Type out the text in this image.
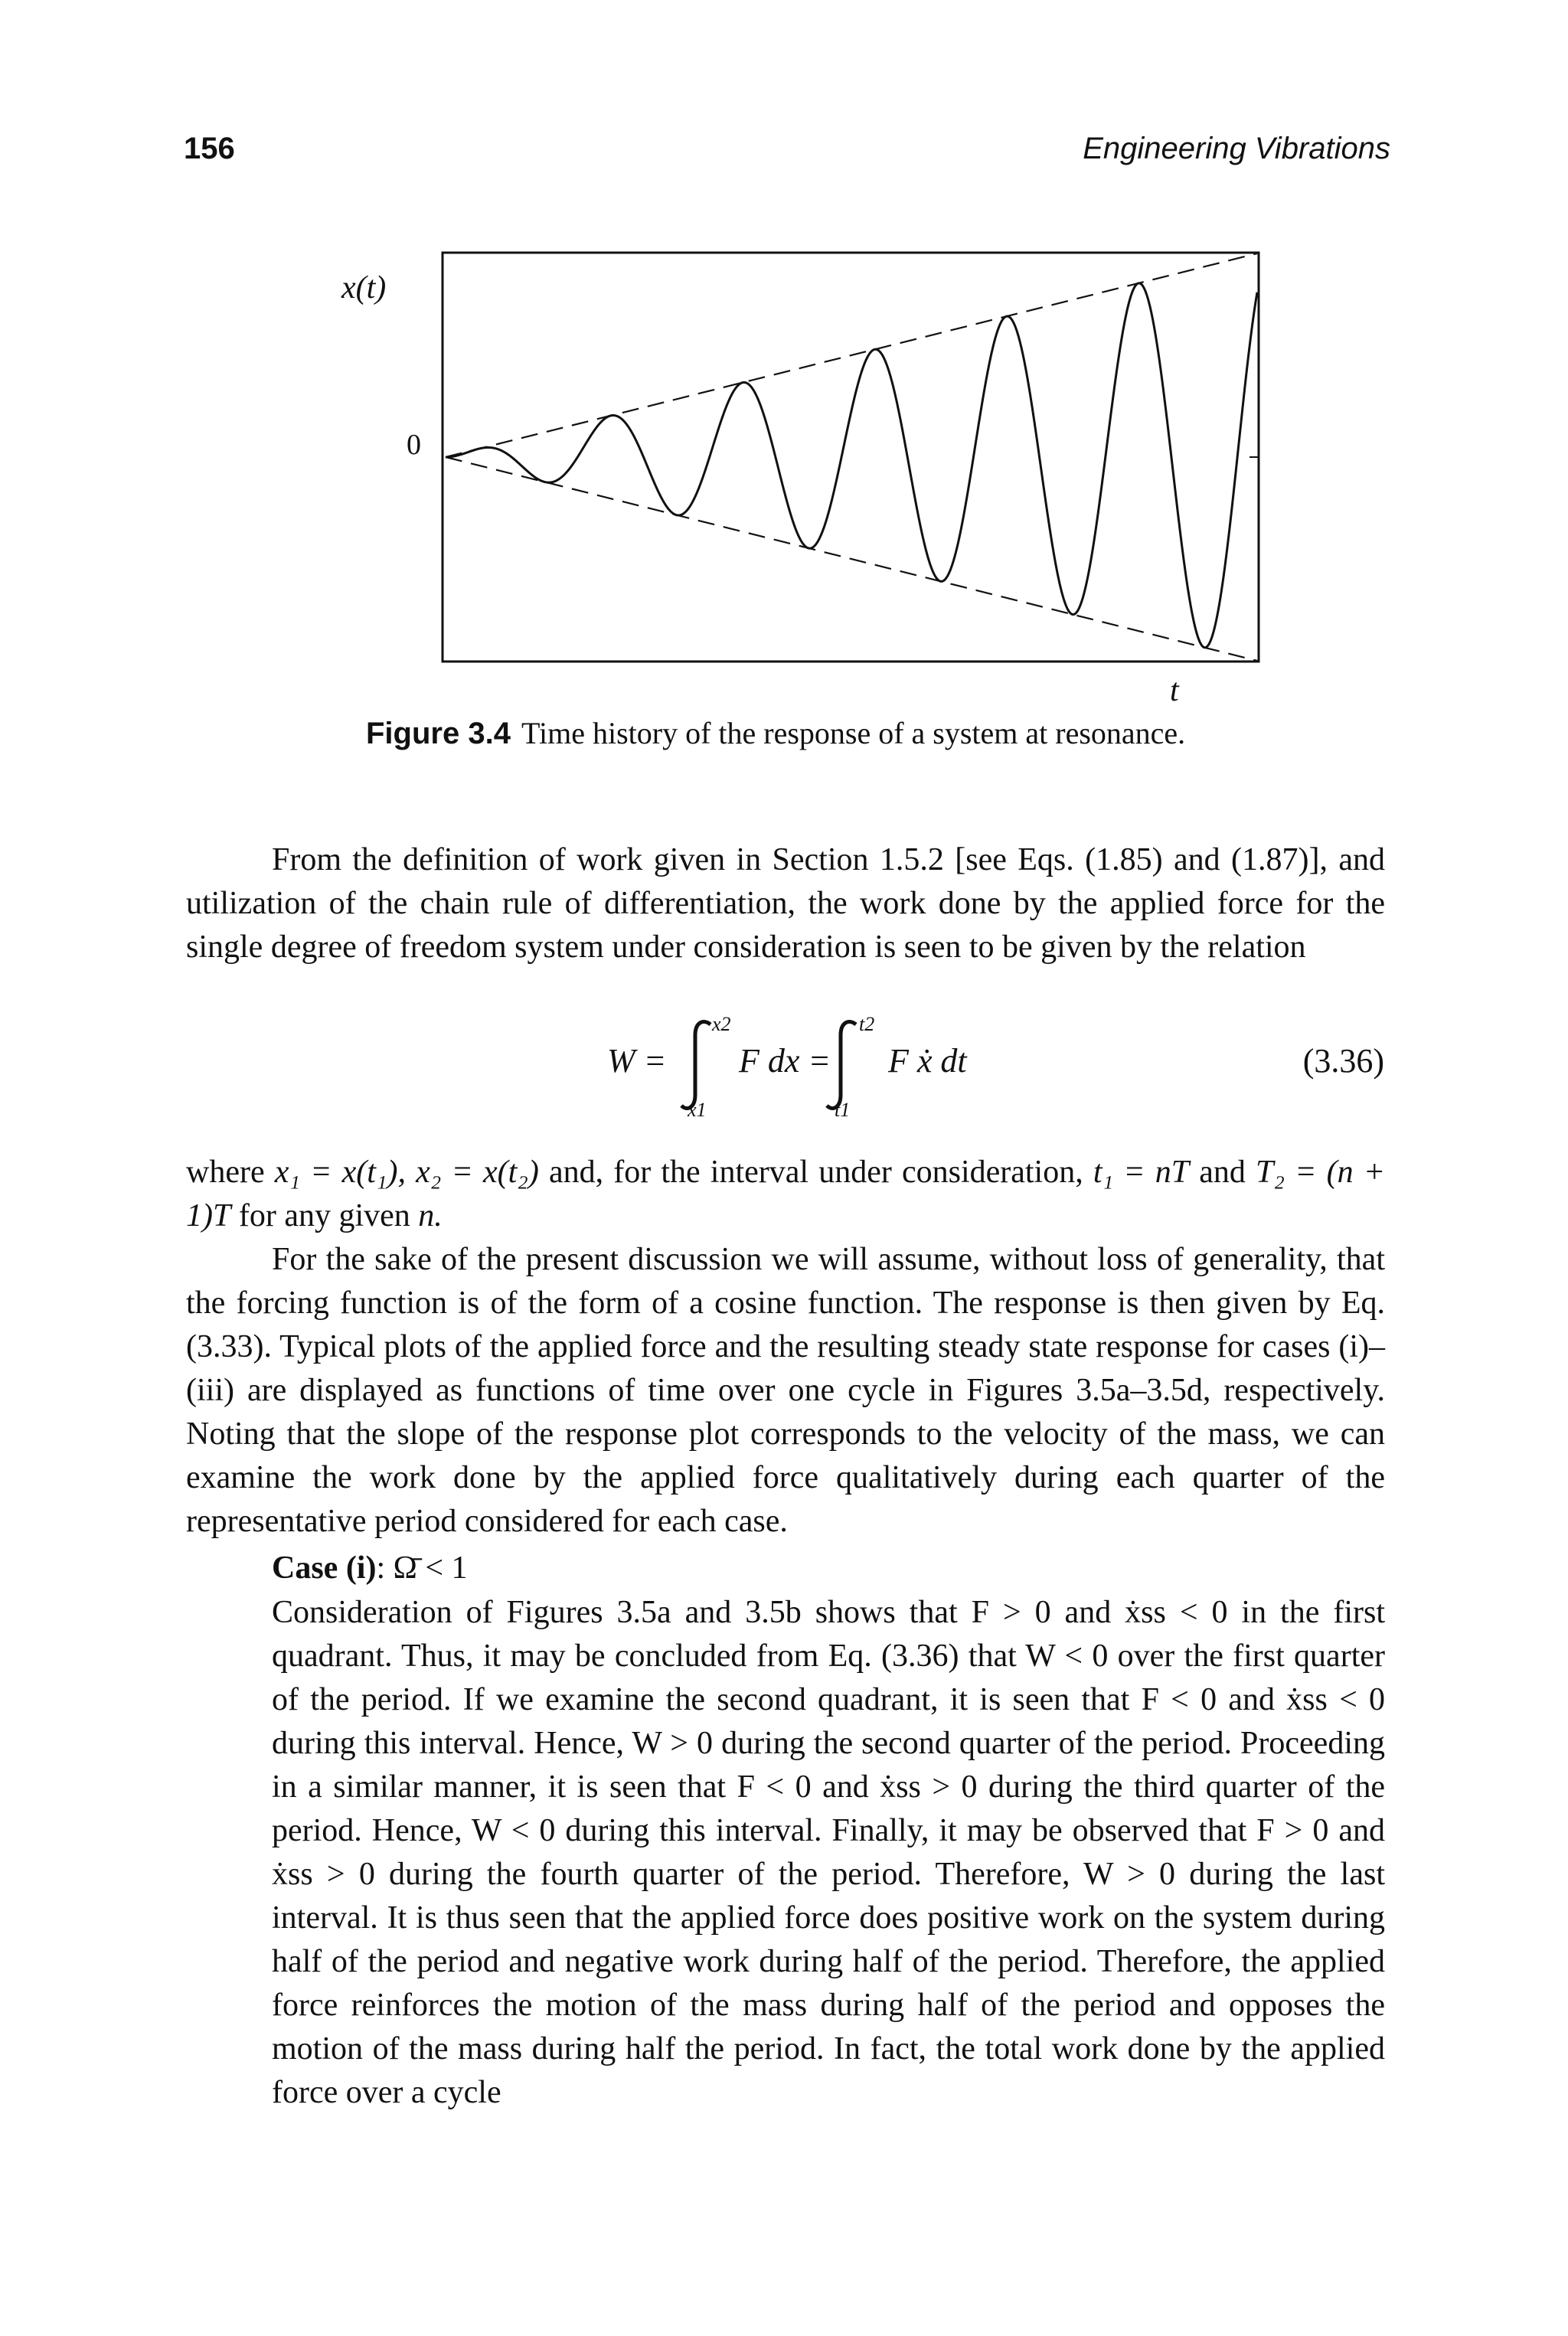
156	Engineering Vibrations
x(t)
0
t
Figure 3.4 Time history of the response of a system at resonance.

From the definition of work given in Section 1.5.2 [see Eqs. (1.85) and (1.87)], and utilization of the chain rule of differentiation, the work done by the applied force for the single degree of freedom system under consideration is seen to be given by the relation

W =
x2
x1
F dx =
t2
t1
F ẋ dt	(3.36)

where x₁ = x(t₁), x₂ = x(t₂) and, for the interval under consideration, t₁ = nT and T₂ = (n + 1)T for any given n.

For the sake of the present discussion we will assume, without loss of generality, that the forcing function is of the form of a cosine function. The response is then given by Eq. (3.33). Typical plots of the applied force and the resulting steady state response for cases (i)–(iii) are displayed as functions of time over one cycle in Figures 3.5a–3.5d, respectively. Noting that the slope of the response plot corresponds to the velocity of the mass, we can examine the work done by the applied force qualitatively during each quarter of the representative period considered for each case.

Case (i): Ω̄ < 1

Consideration of Figures 3.5a and 3.5b shows that F > 0 and ẋss < 0 in the first quadrant. Thus, it may be concluded from Eq. (3.36) that W < 0 over the first quarter of the period. If we examine the second quadrant, it is seen that F < 0 and ẋss < 0 during this interval. Hence, W > 0 during the second quarter of the period. Proceeding in a similar manner, it is seen that F < 0 and ẋss > 0 during the third quarter of the period. Hence, W < 0 during this interval. Finally, it may be observed that F > 0 and ẋss > 0 during the fourth quarter of the period. Therefore, W > 0 during the last interval. It is thus seen that the applied force does positive work on the system during half of the period and negative work during half of the period. Therefore, the applied force reinforces the motion of the mass during half of the period and opposes the motion of the mass during half the period. In fact, the total work done by the applied force over a cycle
